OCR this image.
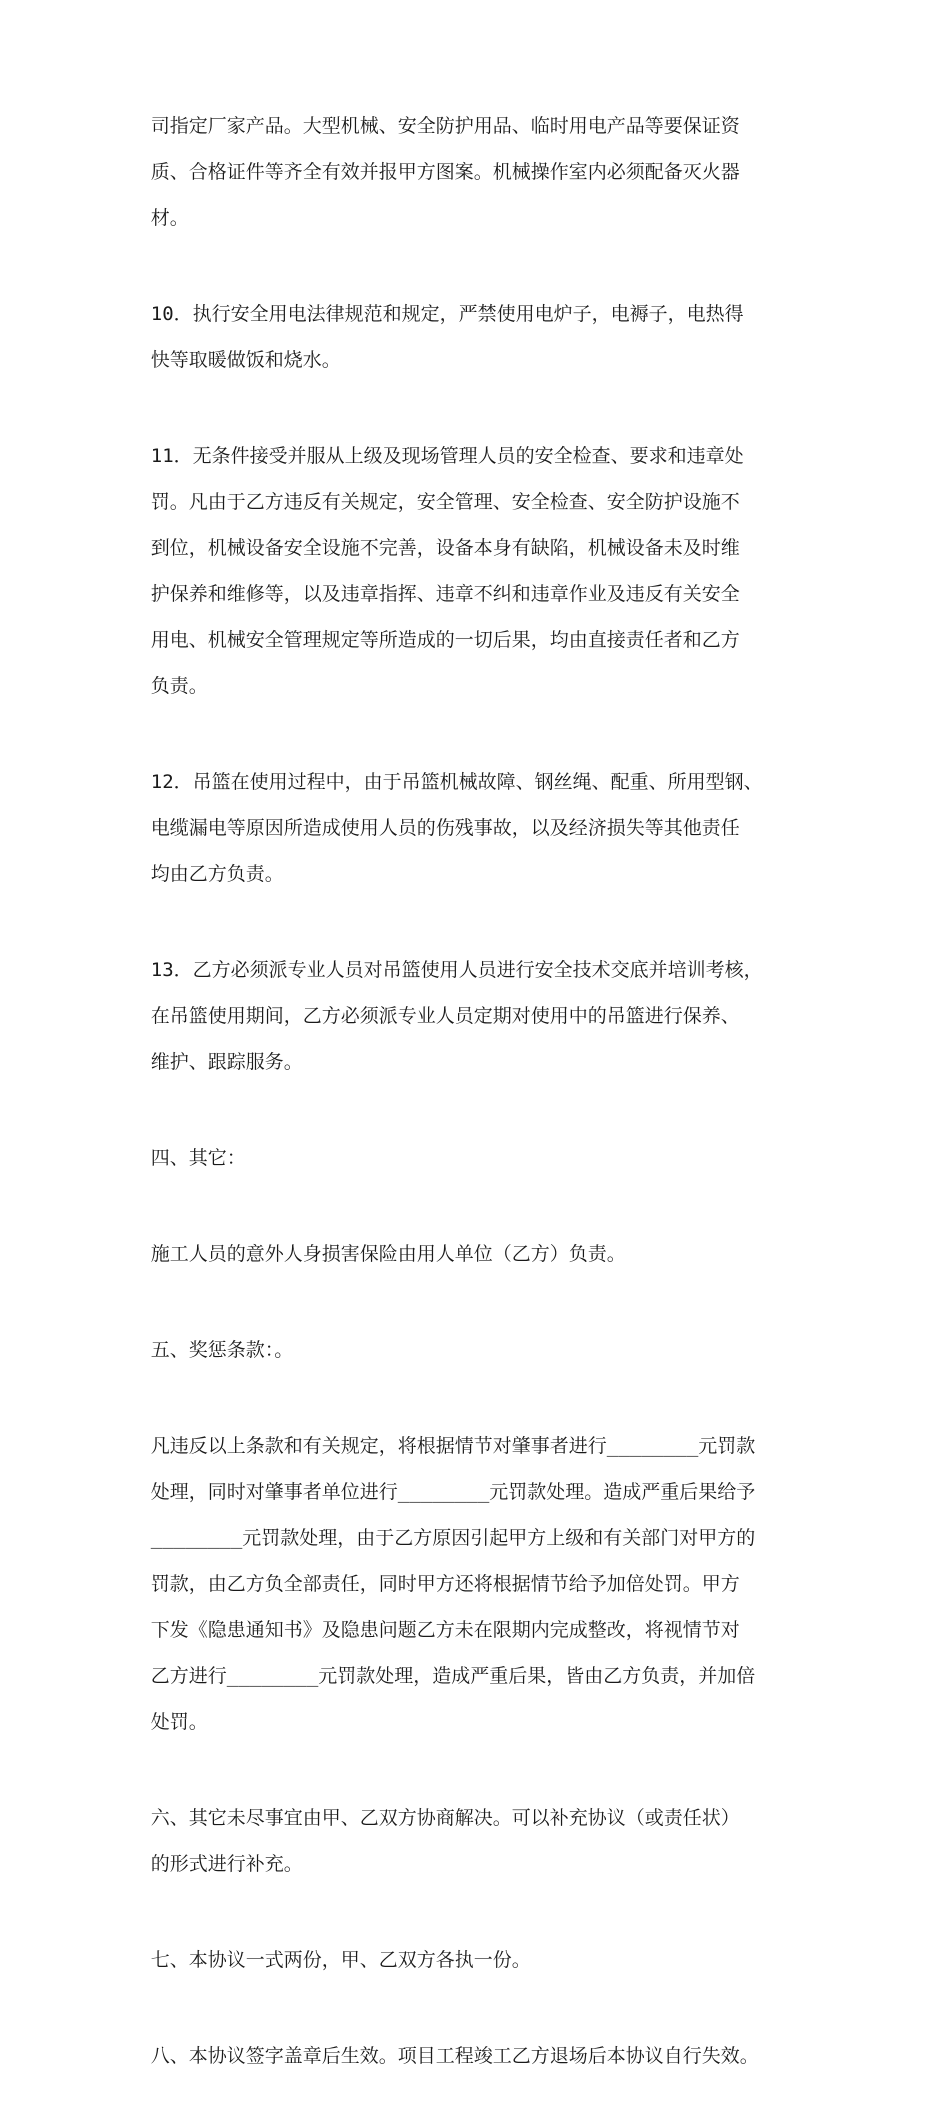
司指定厂家产品。大型机械、安全防护用品、临时用电产品等要保证资

质、合格证件等齐全有效并报甲方图案。机械操作室内必须配备灭火器

材。

10．执行安全用电法律规范和规定，严禁使用电炉子，电褥子，电热得

快等取暖做饭和烧水。

11．无条件接受并服从上级及现场管理人员的安全检查、要求和违章处

罚。凡由于乙方违反有关规定，安全管理、安全检查、安全防护设施不

到位，机械设备安全设施不完善，设备本身有缺陷，机械设备未及时维

护保养和维修等，以及违章指挥、违章不纠和违章作业及违反有关安全

用电、机械安全管理规定等所造成的一切后果，均由直接责任者和乙方

负责。

12．吊篮在使用过程中，由于吊篮机械故障、钢丝绳、配重、所用型钢、

电缆漏电等原因所造成使用人员的伤残事故，以及经济损失等其他责任

均由乙方负责。

13．乙方必须派专业人员对吊篮使用人员进行安全技术交底并培训考核，

在吊篮使用期间，乙方必须派专业人员定期对使用中的吊篮进行保养、

维护、跟踪服务。

四、其它：

施工人员的意外人身损害保险由用人单位（乙方）负责。

五、奖惩条款：。

凡违反以上条款和有关规定，将根据情节对肇事者进行________元罚款

处理，同时对肇事者单位进行________元罚款处理。造成严重后果给予

________元罚款处理，由于乙方原因引起甲方上级和有关部门对甲方的

罚款，由乙方负全部责任，同时甲方还将根据情节给予加倍处罚。甲方

下发《隐患通知书》及隐患问题乙方未在限期内完成整改，将视情节对

乙方进行________元罚款处理，造成严重后果，皆由乙方负责，并加倍

处罚。

六、其它未尽事宜由甲、乙双方协商解决。可以补充协议（或责任状）

的形式进行补充。

七、本协议一式两份，甲、乙双方各执一份。

八、本协议签字盖章后生效。项目工程竣工乙方退场后本协议自行失效。
